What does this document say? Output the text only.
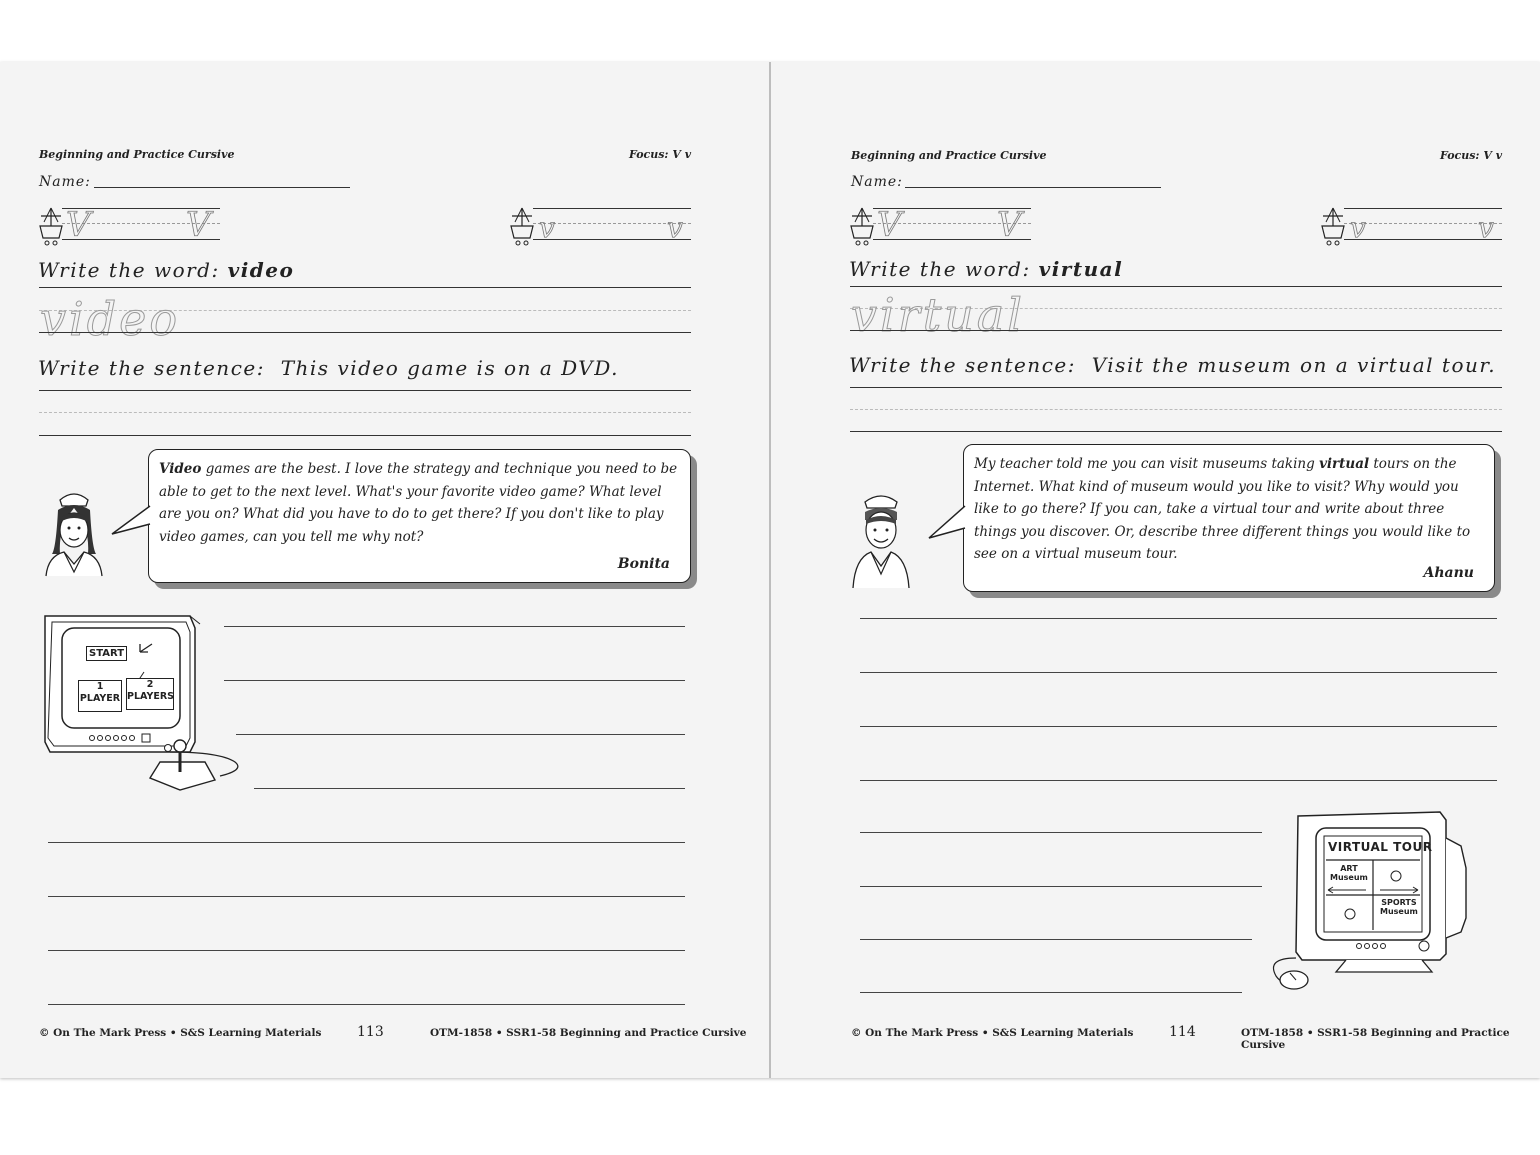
Beginning and Practice Cursive	Focus: V v
Name:
V	V	v	v
Write the word: video
video
Write the sentence: This video game is on a DVD.
Video games are the best. I love the strategy and technique you need to be able to get to the next level. What's your favorite video game? What level are you on? What did you have to do to get there? If you don't like to play video games, can you tell me why not?
Bonita
START
1
PLAYER
2
PLAYERS
© On The Mark Press • S&S Learning Materials	113	OTM-1858 • SSR1-58 Beginning and Practice Cursive
Beginning and Practice Cursive	Focus: V v
Name:
V	V	v	v
Write the word: virtual
virtual
Write the sentence: Visit the museum on a virtual tour.
My teacher told me you can visit museums taking virtual tours on the Internet. What kind of museum would you like to visit? Why would you like to go there? If you can, take a virtual tour and write about three things you discover. Or, describe three different things you would like to see on a virtual museum tour.
Ahanu
VIRTUAL TOUR
ART
Museum
SPORTS
Museum
© On The Mark Press • S&S Learning Materials	114	OTM-1858 • SSR1-58 Beginning and Practice Cursive
